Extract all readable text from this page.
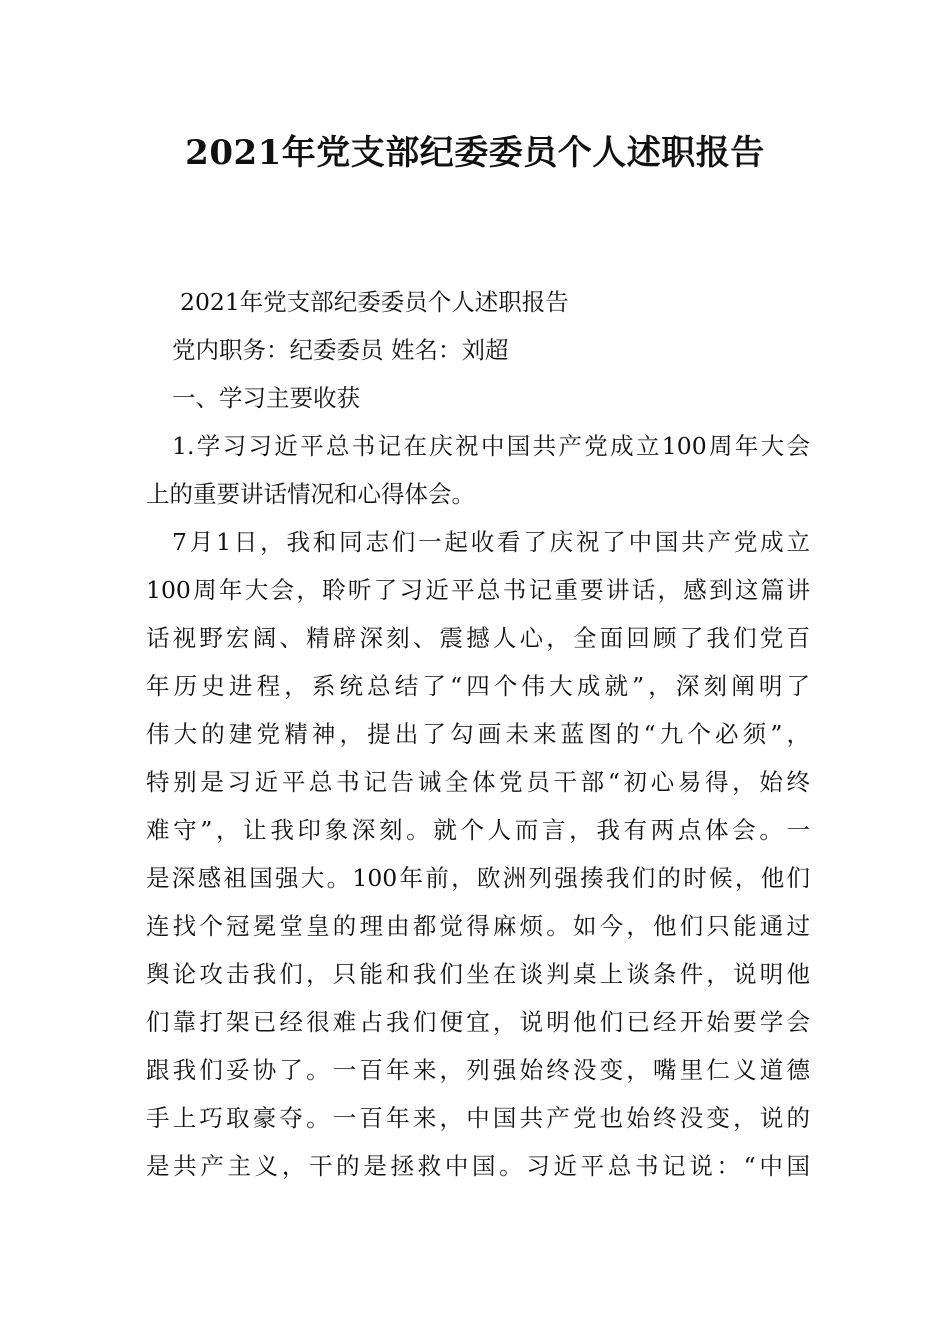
2021年党支部纪委委员个人述职报告
2021年党支部纪委委员个人述职报告
党内职务：纪委委员 姓名：刘超
一、学习主要收获
1.学习习近平总书记在庆祝中国共产党成立100周年大会
上的重要讲话情况和心得体会。
7月1日，我和同志们一起收看了庆祝了中国共产党成立
100周年大会，聆听了习近平总书记重要讲话，感到这篇讲
话视野宏阔、精辟深刻、震撼人心，全面回顾了我们党百
年历史进程，系统总结了“四个伟大成就”，深刻阐明了
伟大的建党精神，提出了勾画未来蓝图的“九个必须”，
特别是习近平总书记告诫全体党员干部“初心易得，始终
难守”，让我印象深刻。就个人而言，我有两点体会。一
是深感祖国强大。100年前，欧洲列强揍我们的时候，他们
连找个冠冕堂皇的理由都觉得麻烦。如今，他们只能通过
舆论攻击我们，只能和我们坐在谈判桌上谈条件，说明他
们靠打架已经很难占我们便宜，说明他们已经开始要学会
跟我们妥协了。一百年来，列强始终没变，嘴里仁义道德
手上巧取豪夺。一百年来，中国共产党也始终没变，说的
是共产主义，干的是拯救中国。习近平总书记说：“中国
